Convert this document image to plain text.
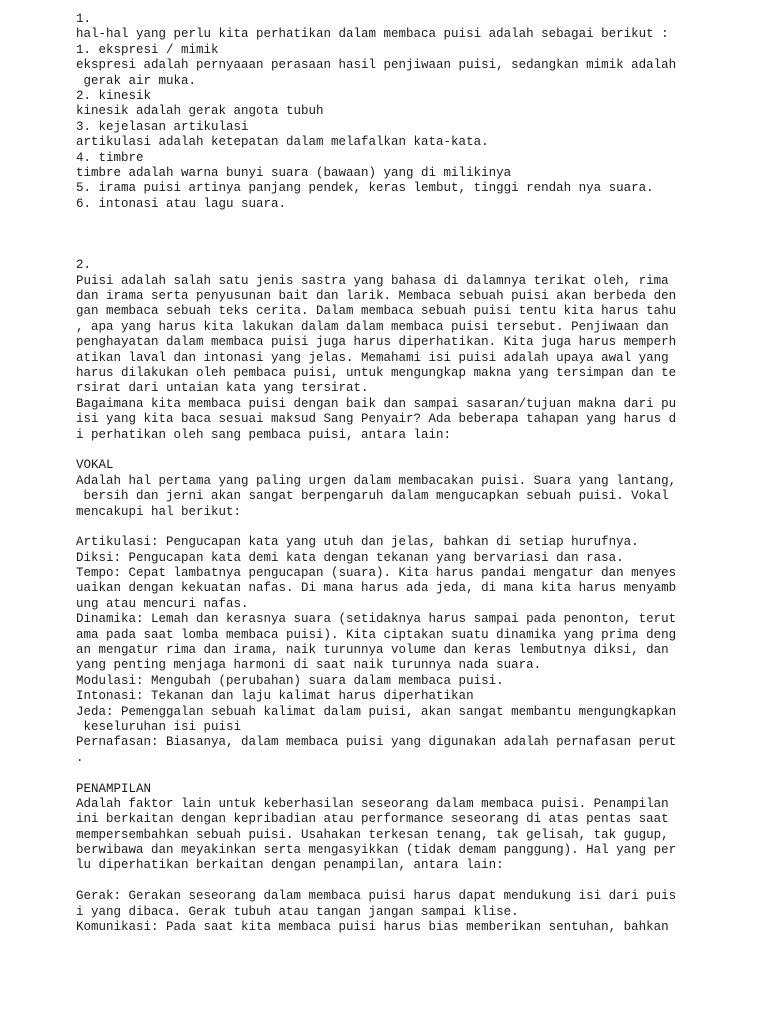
1.
hal-hal yang perlu kita perhatikan dalam membaca puisi adalah sebagai berikut :
1. ekspresi / mimik
ekspresi adalah pernyaaan perasaan hasil penjiwaan puisi, sedangkan mimik adalah
gerak air muka.
2. kinesik
kinesik adalah gerak angota tubuh
3. kejelasan artikulasi
artikulasi adalah ketepatan dalam melafalkan kata-kata.
4. timbre
timbre adalah warna bunyi suara (bawaan) yang di milikinya
5. irama puisi artinya panjang pendek, keras lembut, tinggi rendah nya suara.
6. intonasi atau lagu suara.
2.
Puisi adalah salah satu jenis sastra yang bahasa di dalamnya terikat oleh, rima
dan irama serta penyusunan bait dan larik. Membaca sebuah puisi akan berbeda den
gan membaca sebuah teks cerita. Dalam membaca sebuah puisi tentu kita harus tahu
, apa yang harus kita lakukan dalam dalam membaca puisi tersebut. Penjiwaan dan
penghayatan dalam membaca puisi juga harus diperhatikan. Kita juga harus memperh
atikan laval dan intonasi yang jelas. Memahami isi puisi adalah upaya awal yang
harus dilakukan oleh pembaca puisi, untuk mengungkap makna yang tersimpan dan te
rsirat dari untaian kata yang tersirat.
Bagaimana kita membaca puisi dengan baik dan sampai sasaran/tujuan makna dari pu
isi yang kita baca sesuai maksud Sang Penyair? Ada beberapa tahapan yang harus d
i perhatikan oleh sang pembaca puisi, antara lain:
VOKAL
Adalah hal pertama yang paling urgen dalam membacakan puisi. Suara yang lantang,
bersih dan jerni akan sangat berpengaruh dalam mengucapkan sebuah puisi. Vokal
mencakupi hal berikut:
Artikulasi: Pengucapan kata yang utuh dan jelas, bahkan di setiap hurufnya.
Diksi: Pengucapan kata demi kata dengan tekanan yang bervariasi dan rasa.
Tempo: Cepat lambatnya pengucapan (suara). Kita harus pandai mengatur dan menyes
uaikan dengan kekuatan nafas. Di mana harus ada jeda, di mana kita harus menyamb
ung atau mencuri nafas.
Dinamika: Lemah dan kerasnya suara (setidaknya harus sampai pada penonton, terut
ama pada saat lomba membaca puisi). Kita ciptakan suatu dinamika yang prima deng
an mengatur rima dan irama, naik turunnya volume dan keras lembutnya diksi, dan
yang penting menjaga harmoni di saat naik turunnya nada suara.
Modulasi: Mengubah (perubahan) suara dalam membaca puisi.
Intonasi: Tekanan dan laju kalimat harus diperhatikan
Jeda: Pemenggalan sebuah kalimat dalam puisi, akan sangat membantu mengungkapkan
keseluruhan isi puisi
Pernafasan: Biasanya, dalam membaca puisi yang digunakan adalah pernafasan perut
.
PENAMPILAN
Adalah faktor lain untuk keberhasilan seseorang dalam membaca puisi. Penampilan
ini berkaitan dengan kepribadian atau performance seseorang di atas pentas saat
mempersembahkan sebuah puisi. Usahakan terkesan tenang, tak gelisah, tak gugup,
berwibawa dan meyakinkan serta mengasyikkan (tidak demam panggung). Hal yang per
lu diperhatikan berkaitan dengan penampilan, antara lain:
Gerak: Gerakan seseorang dalam membaca puisi harus dapat mendukung isi dari puis
i yang dibaca. Gerak tubuh atau tangan jangan sampai klise.
Komunikasi: Pada saat kita membaca puisi harus bias memberikan sentuhan, bahkan
